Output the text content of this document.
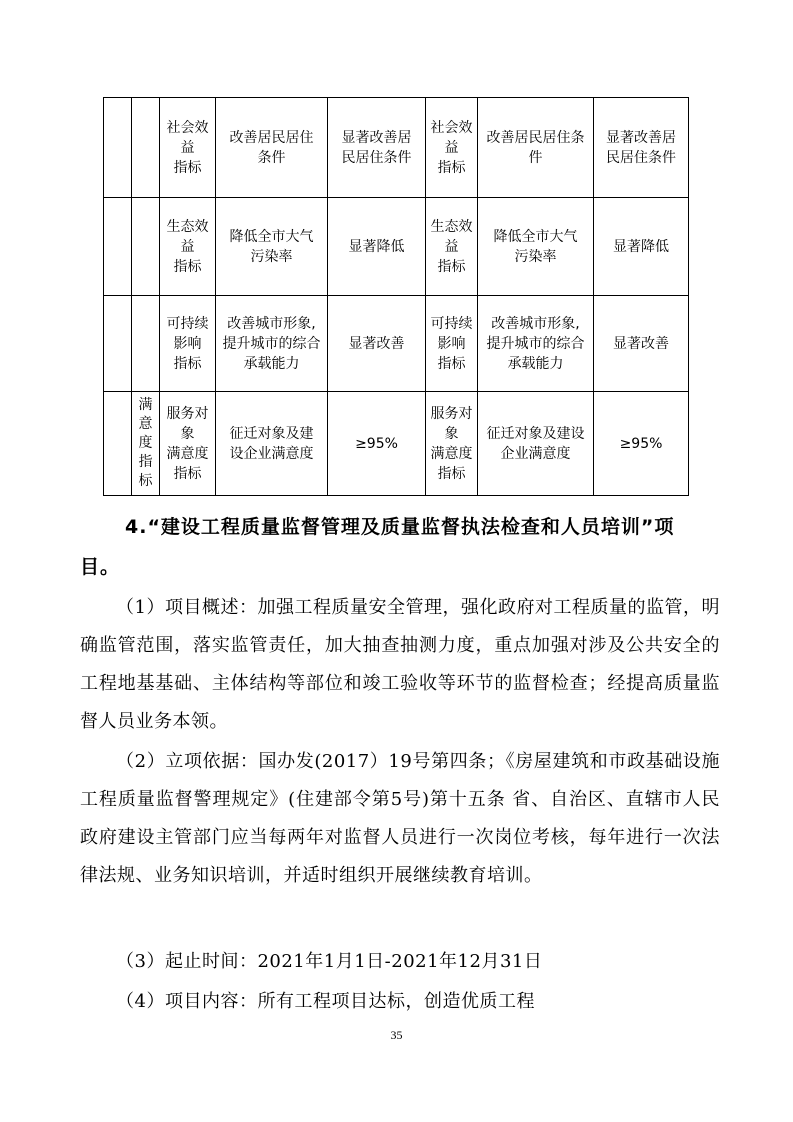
		社会效益
指标	改善居民居住
条件	显著改善居
民居住条件	社会效
益
指标	改善居民居住条
件	显著改善居
民居住条件

		生态效
益
指标	降低全市大气
污染率	显著降低	生态效
益
指标	降低全市大气
污染率	显著降低

		可持续
影响
指标	改善城市形象,
提升城市的综合
承载能力	显著改善	可持续
影响
指标	改善城市形象,
提升城市的综合
承载能力	显著改善

	满
意
度
指
标	服务对
象
满意度
指标	征迁对象及建
设企业满意度	≥95%	服务对
象
满意度
指标	征迁对象及建设
企业满意度	≥95%
4.“建设工程质量监督管理及质量监督执法检查和人员培训”项
目。
（1）项目概述：加强工程质量安全管理，强化政府对工程质量的监管，明确监管范围，落实监管责任，加大抽查抽测力度，重点加强对涉及公共安全的工程地基基础、主体结构等部位和竣工验收等环节的监督检查；经提高质量监督人员业务本领。
（2）立项依据：国办发(2017）19号第四条；《房屋建筑和市政基础设施工程质量监督警理规定》(住建部令第5号)第十五条 省、自治区、直辖市人民政府建设主管部门应当每两年对监督人员进行一次岗位考核，每年进行一次法律法规、业务知识培训，并适时组织开展继续教育培训。
（3）起止时间：2021年1月1日-2021年12月31日
（4）项目内容：所有工程项目达标，创造优质工程
35
